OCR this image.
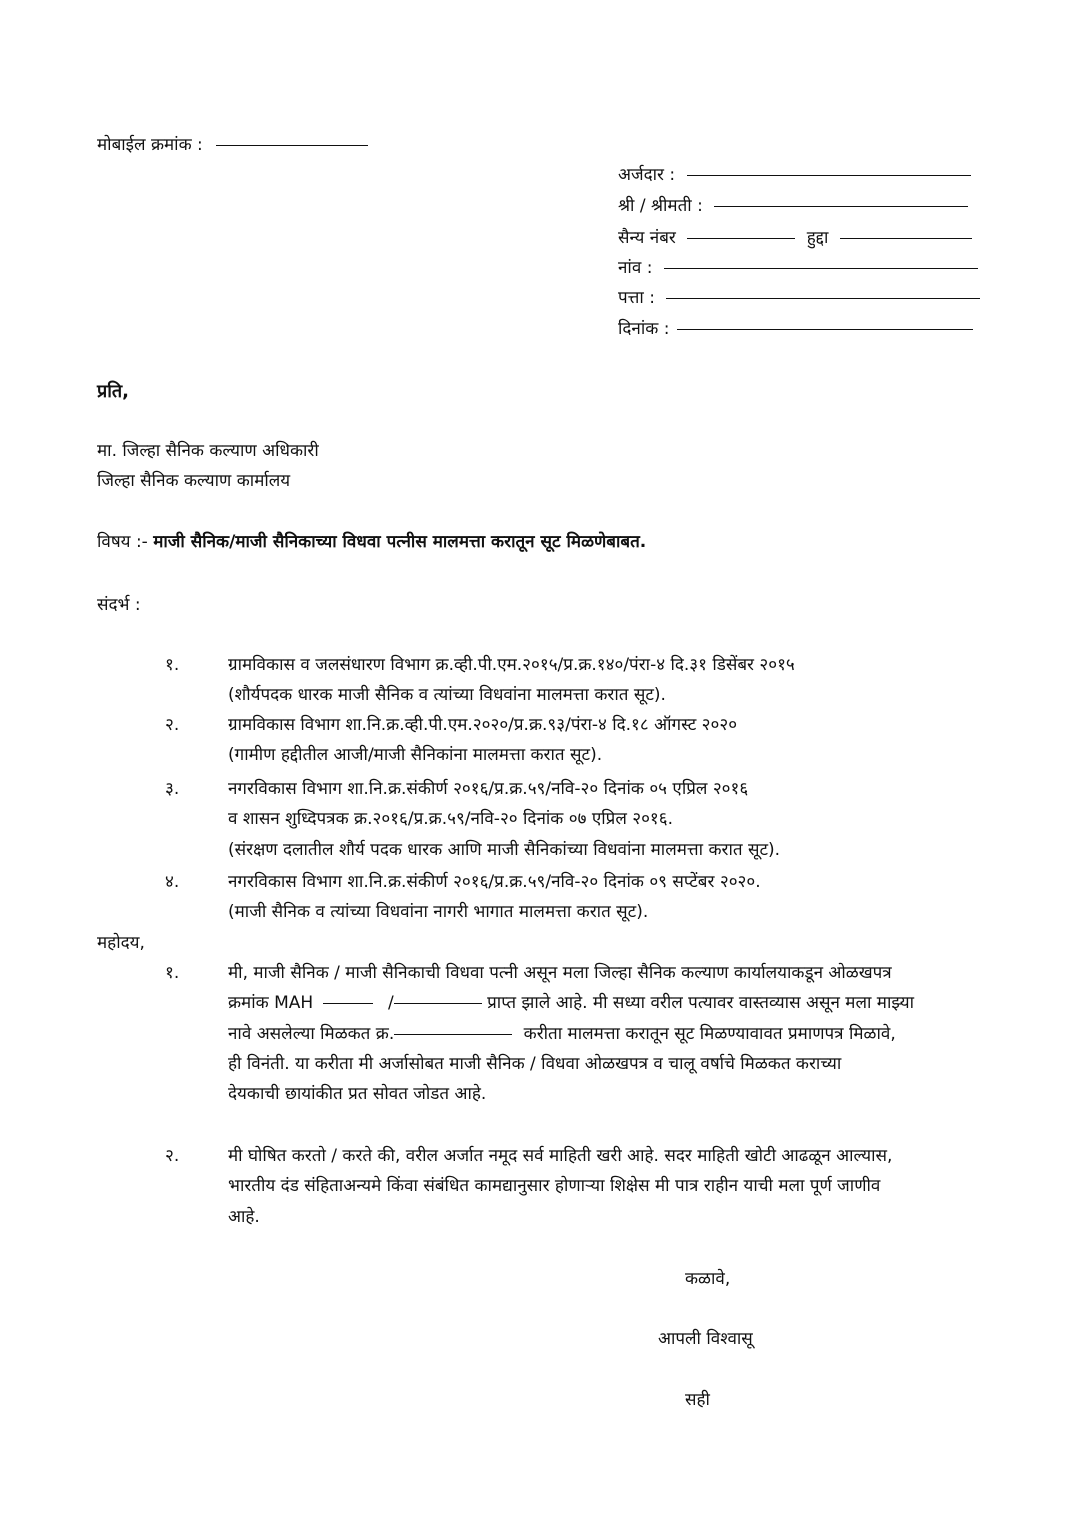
मोबाईल क्रमांक :
अर्जदार :
श्री / श्रीमती :
सैन्य नंबर	हुद्दा
नांव :
पत्ता :
दिनांक :
प्रति,
मा. जिल्हा सैनिक कल्याण अधिकारी
जिल्हा सैनिक कल्याण कार्मालय
विषय :- माजी सैनिक/माजी सैनिकाच्या विधवा पत्नीस मालमत्ता करातून सूट मिळणेबाबत.
संदर्भ :
१.	ग्रामविकास व जलसंधारण विभाग क्र.व्ही.पी.एम.२०१५/प्र.क्र.१४०/पंरा-४ दि.३१ डिसेंबर २०१५
(शौर्यपदक धारक माजी सैनिक व त्यांच्या विधवांना मालमत्ता करात सूट).
२.	ग्रामविकास विभाग शा.नि.क्र.व्ही.पी.एम.२०२०/प्र.क्र.९३/पंरा-४ दि.१८ ऑगस्ट २०२०
(गामीण हद्दीतील आजी/माजी सैनिकांना मालमत्ता करात सूट).
३.	नगरविकास विभाग शा.नि.क्र.संकीर्ण २०१६/प्र.क्र.५९/नवि-२० दिनांक ०५ एप्रिल २०१६
व शासन शुध्दिपत्रक क्र.२०१६/प्र.क्र.५९/नवि-२० दिनांक ०७ एप्रिल २०१६.
(संरक्षण दलातील शौर्य पदक धारक आणि माजी सैनिकांच्या विधवांना मालमत्ता करात सूट).
४.	नगरविकास विभाग शा.नि.क्र.संकीर्ण २०१६/प्र.क्र.५९/नवि-२० दिनांक ०९ सप्टेंबर २०२०.
(माजी सैनिक व त्यांच्या विधवांना नागरी भागात मालमत्ता करात सूट).
महोदय,
१.	मी, माजी सैनिक / माजी सैनिकाची विधवा पत्नी असून मला जिल्हा सैनिक कल्याण कार्यालयाकडून ओळखपत्र
क्रमांक MAH	/	प्राप्त झाले आहे. मी सध्या वरील पत्यावर वास्तव्यास असून मला माझ्या
नावे असलेल्या मिळकत क्र.	करीता मालमत्ता करातून सूट मिळण्यावावत प्रमाणपत्र मिळावे,
ही विनंती. या करीता मी अर्जासोबत माजी सैनिक / विधवा ओळखपत्र व चालू वर्षाचे मिळकत कराच्या
देयकाची छायांकीत प्रत सोवत जोडत आहे.
२.	मी घोषित करतो / करते की, वरील अर्जात नमूद सर्व माहिती खरी आहे. सदर माहिती खोटी आढळून आल्यास,
भारतीय दंड संहिताअन्यमे किंवा संबंधित कामद्यानुसार होणाऱ्या शिक्षेस मी पात्र राहीन याची मला पूर्ण जाणीव
आहे.
कळावे,
आपली विश्वासू
सही
